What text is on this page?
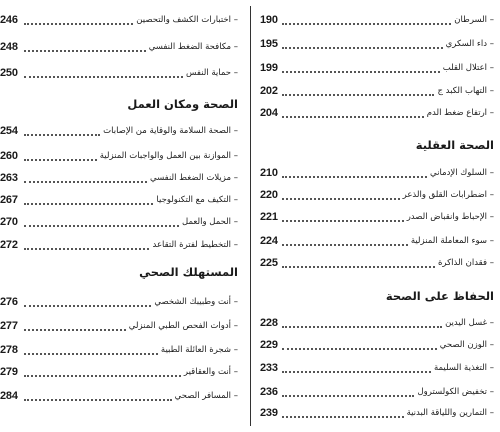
246	– اختبارات الكشف والتحصين
248	– مكافحة الضغط النفسي
250	– حماية النفس
الصحة ومكان العمل
254	– الصحة السلامة والوقاية من الإصابات
260	– الموازنة بين العمل والواجبات المنزلية
263	– مزيلات الضغط النفسي
267	– التكيف مع التكنولوجيا
270	– الحمل والعمل
272	– التخطيط لفترة التقاعد
المستهلك الصحي
276	– أنت وطبيبك الشخصي
277	– أدوات الفحص الطبي المنزلي
278	– شجرة العائلة الطبية
279	– أنت والعقاقير
284	– المسافر الصحي
190	– السرطان
195	– داء السكري
199	– اعتلال القلب
202	– التهاب الكبد ج
204	– ارتفاع ضغط الدم
الصحة العقلية
210	– السلوك الإدماني
220	– اضطرابات القلق والذعر
221	– الإحباط وانقباض الصدر
224	– سوء المعاملة المنزلية
225	– فقدان الذاكرة
الحفاظ على الصحة
228	– غسل اليدين
229	– الوزن الصحي
233	– التغذية السليمة
236	– تخفيض الكولسترول
239	– التمارين واللياقة البدنية
